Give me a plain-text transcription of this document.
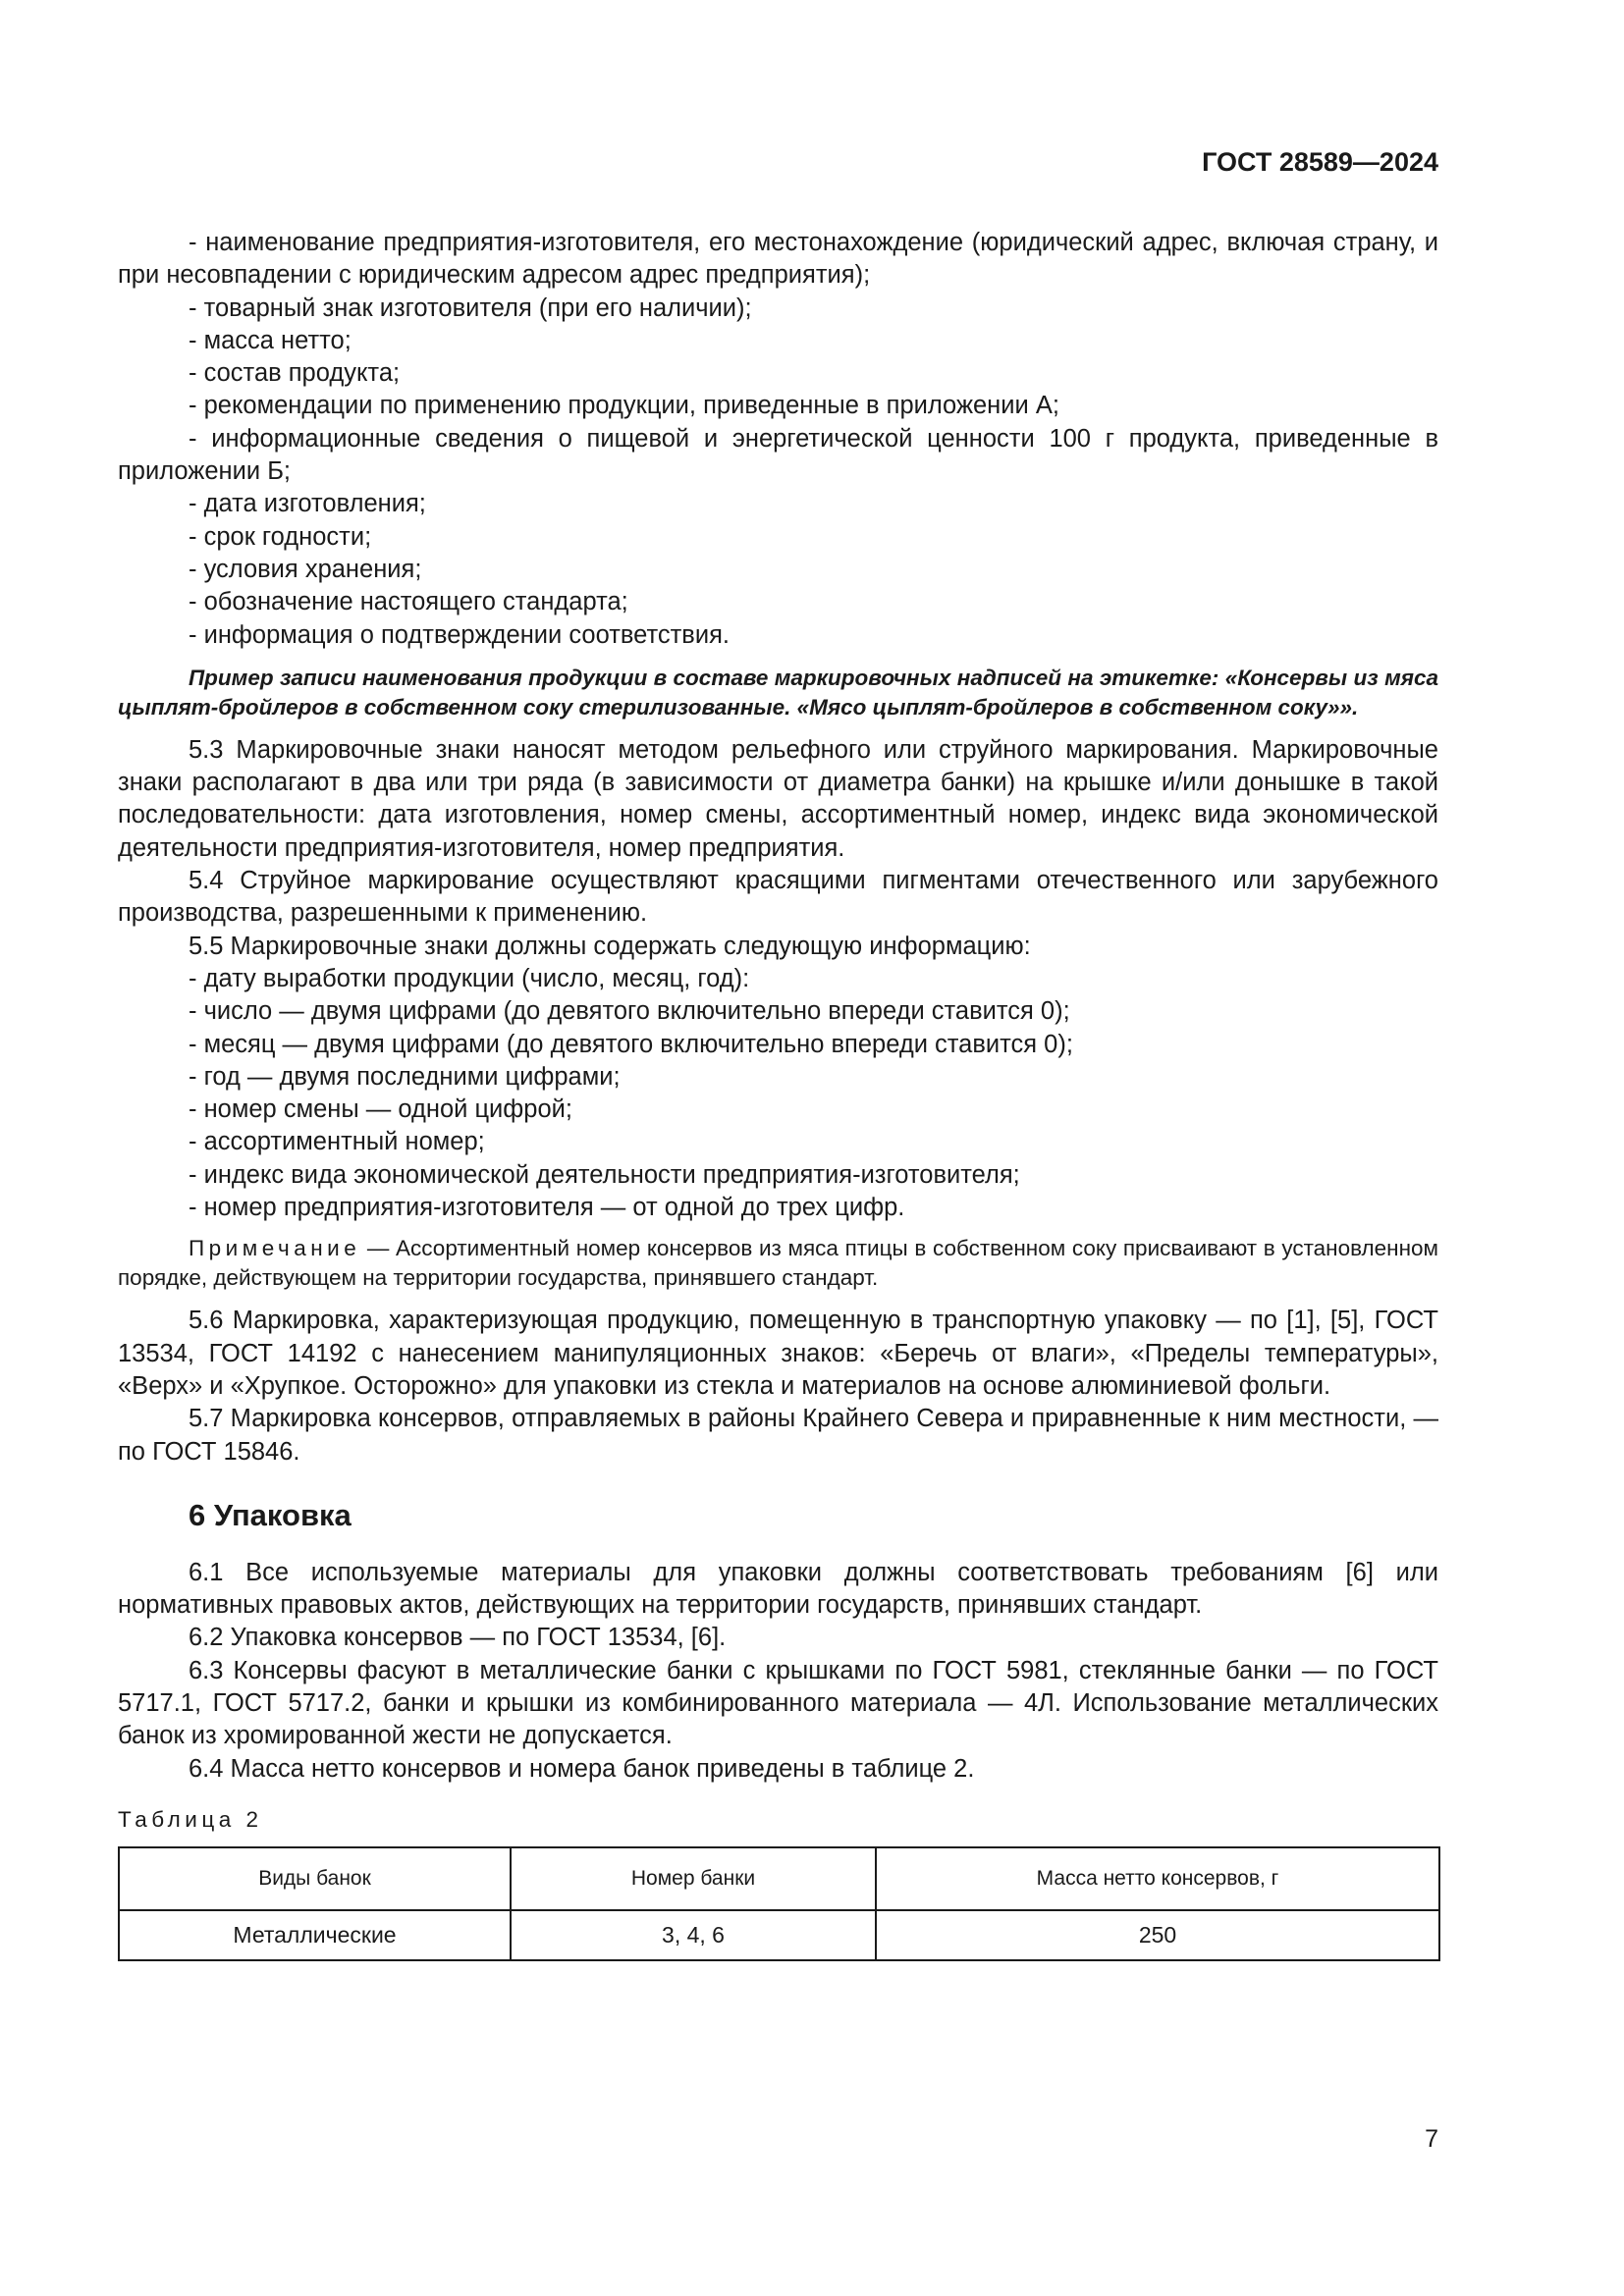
ГОСТ 28589—2024

- наименование предприятия-изготовителя, его местонахождение (юридический адрес, включая страну, и при несовпадении с юридическим адресом адрес предприятия);

- товарный знак изготовителя (при его наличии);

- масса нетто;

- состав продукта;

- рекомендации по применению продукции, приведенные в приложении А;

- информационные сведения о пищевой и энергетической ценности 100 г продукта, приведенные в приложении Б;

- дата изготовления;

- срок годности;

- условия хранения;

- обозначение настоящего стандарта;

- информация о подтверждении соответствия.

Пример записи наименования продукции в составе маркировочных надписей на этикетке: «Консервы из мяса цыплят-бройлеров в собственном соку стерилизованные. «Мясо цыплят-бройлеров в собственном соку»».

5.3 Маркировочные знаки наносят методом рельефного или струйного маркирования. Маркировочные знаки располагают в два или три ряда (в зависимости от диаметра банки) на крышке и/или донышке в такой последовательности: дата изготовления, номер смены, ассортиментный номер, индекс вида экономической деятельности предприятия-изготовителя, номер предприятия.

5.4 Струйное маркирование осуществляют красящими пигментами отечественного или зарубежного производства, разрешенными к применению.

5.5 Маркировочные знаки должны содержать следующую информацию:

- дату выработки продукции (число, месяц, год):

- число — двумя цифрами (до девятого включительно впереди ставится 0);

- месяц — двумя цифрами (до девятого включительно впереди ставится 0);

- год — двумя последними цифрами;

- номер смены — одной цифрой;

- ассортиментный номер;

- индекс вида экономической деятельности предприятия-изготовителя;

- номер предприятия-изготовителя — от одной до трех цифр.

Примечание — Ассортиментный номер консервов из мяса птицы в собственном соку присваивают в установленном порядке, действующем на территории государства, принявшего стандарт.

5.6 Маркировка, характеризующая продукцию, помещенную в транспортную упаковку — по [1], [5], ГОСТ 13534, ГОСТ 14192 с нанесением манипуляционных знаков: «Беречь от влаги», «Пределы температуры», «Верх» и «Хрупкое. Осторожно» для упаковки из стекла и материалов на основе алюминиевой фольги.

5.7 Маркировка консервов, отправляемых в районы Крайнего Севера и приравненные к ним местности, — по ГОСТ 15846.

6 Упаковка

6.1 Все используемые материалы для упаковки должны соответствовать требованиям [6] или нормативных правовых актов, действующих на территории государств, принявших стандарт.

6.2 Упаковка консервов — по ГОСТ 13534, [6].

6.3 Консервы фасуют в металлические банки с крышками по ГОСТ 5981, стеклянные банки — по ГОСТ 5717.1, ГОСТ 5717.2, банки и крышки из комбинированного материала — 4Л. Использование металлических банок из хромированной жести не допускается.

6.4 Масса нетто консервов и номера банок приведены в таблице 2.

Таблица 2
Виды банок	Номер банки	Масса нетто консервов, г
Металлические	3, 4, 6	250
7
